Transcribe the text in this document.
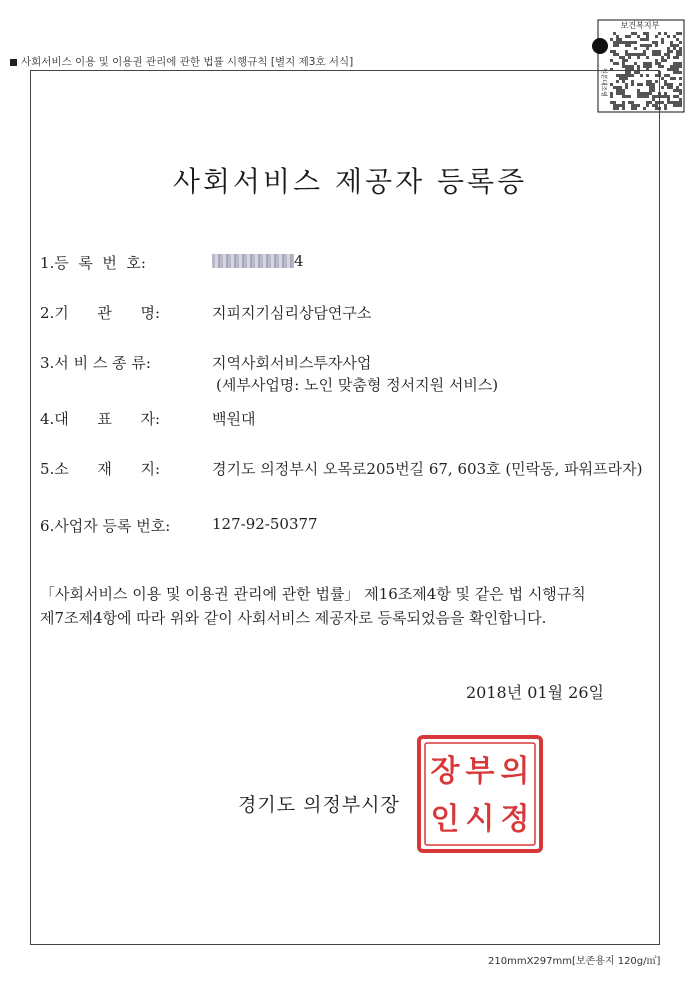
사회서비스 이용 및 이용권 관리에 관한 법률 시행규칙 [별지 제3호 서식]
보건복지부
원본대조필
사회서비스 제공자 등록증
1.등  록  번  호:	4
2.기      관      명:	지피지기심리상담연구소
3.서 비 스 종 류:	지역사회서비스투자사업
(세부사업명: 노인 맞춤형 정서지원 서비스)
4.대      표      자:	백원대
5.소      재      지:	경기도 의정부시 오목로205번길 67, 603호 (민락동, 파워프라자)
6.사업자 등록 번호:	127-92-50377
「사회서비스 이용 및 이용권 관리에 관한 법률」 제16조제4항 및 같은 법 시행규칙
제7조제4항에 따라 위와 같이 사회서비스 제공자로 등록되었음을 확인합니다.
2018년 01월 26일
의
정
부
시
장
인
경기도 의정부시장
210mmX297mm[보존용지 120g/㎡]
